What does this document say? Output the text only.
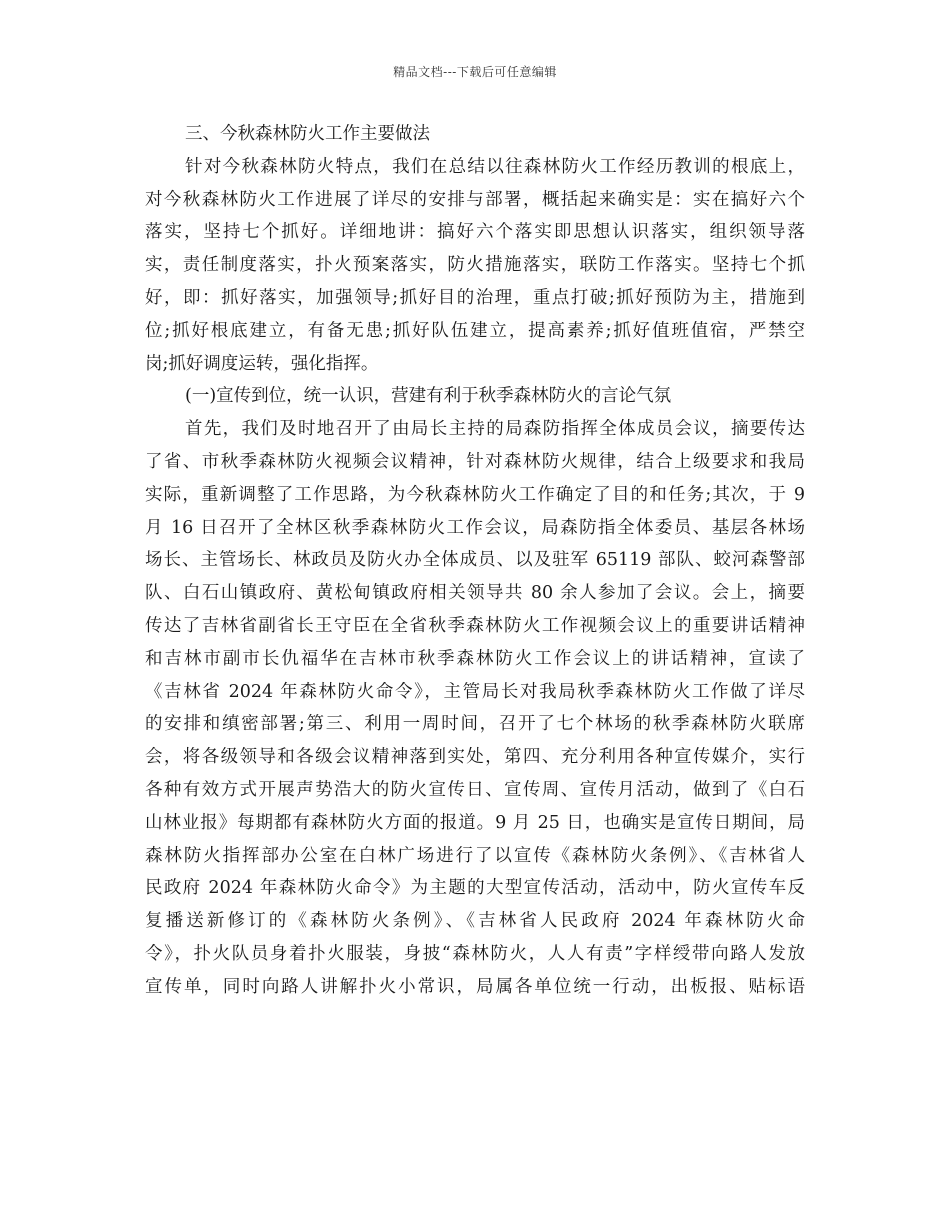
精品文档---下载后可任意编辑
三、今秋森林防火工作主要做法
针对今秋森林防火特点，我们在总结以往森林防火工作经历教训的根底上，
对今秋森林防火工作进展了详尽的安排与部署，概括起来确实是：实在搞好六个
落实，坚持七个抓好。详细地讲：搞好六个落实即思想认识落实，组织领导落
实，责任制度落实，扑火预案落实，防火措施落实，联防工作落实。坚持七个抓
好，即：抓好落实，加强领导;抓好目的治理，重点打破;抓好预防为主，措施到
位;抓好根底建立，有备无患;抓好队伍建立，提高素养;抓好值班值宿，严禁空
岗;抓好调度运转，强化指挥。
(一)宣传到位，统一认识，营建有利于秋季森林防火的言论气氛
首先，我们及时地召开了由局长主持的局森防指挥全体成员会议，摘要传达
了省、市秋季森林防火视频会议精神，针对森林防火规律，结合上级要求和我局
实际，重新调整了工作思路，为今秋森林防火工作确定了目的和任务;其次，于 9
月 16 日召开了全林区秋季森林防火工作会议，局森防指全体委员、基层各林场
场长、主管场长、林政员及防火办全体成员、以及驻军 65119 部队、蛟河森警部
队、白石山镇政府、黄松甸镇政府相关领导共 80 余人参加了会议。会上，摘要
传达了吉林省副省长王守臣在全省秋季森林防火工作视频会议上的重要讲话精神
和吉林市副市长仇福华在吉林市秋季森林防火工作会议上的讲话精神，宣读了
《吉林省 2024 年森林防火命令》，主管局长对我局秋季森林防火工作做了详尽
的安排和缜密部署;第三、利用一周时间，召开了七个林场的秋季森林防火联席
会，将各级领导和各级会议精神落到实处，第四、充分利用各种宣传媒介，实行
各种有效方式开展声势浩大的防火宣传日、宣传周、宣传月活动，做到了《白石
山林业报》每期都有森林防火方面的报道。9 月 25 日，也确实是宣传日期间，局
森林防火指挥部办公室在白林广场进行了以宣传《森林防火条例》、《吉林省人
民政府 2024 年森林防火命令》为主题的大型宣传活动，活动中，防火宣传车反
复播送新修订的《森林防火条例》、《吉林省人民政府 2024 年森林防火命
令》，扑火队员身着扑火服装，身披“森林防火，人人有责”字样绶带向路人发放
宣传单，同时向路人讲解扑火小常识，局属各单位统一行动，出板报、贴标语
